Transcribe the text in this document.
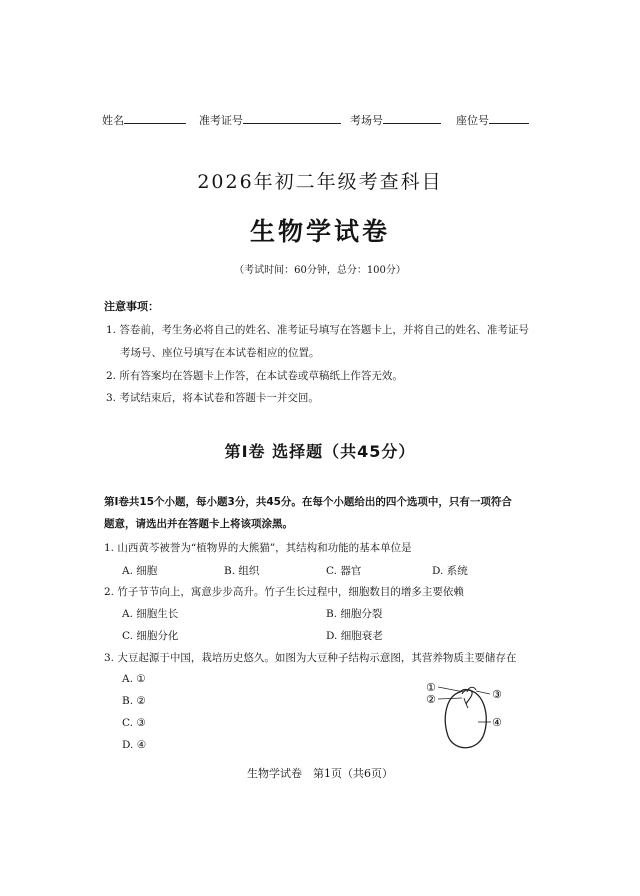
姓名	准考证号	考场号	座位号
2026年初二年级考查科目
生物学试卷
（考试时间：60分钟，总分：100分）
注意事项：
1. 答卷前，考生务必将自己的姓名、准考证号填写在答题卡上，并将自己的姓名、准考证号
考场号、座位号填写在本试卷相应的位置。
2. 所有答案均在答题卡上作答，在本试卷或草稿纸上作答无效。
3. 考试结束后，将本试卷和答题卡一并交回。
第Ⅰ卷 选择题（共45分）
第Ⅰ卷共15个小题，每小题3分，共45分。在每个小题给出的四个选项中，只有一项符合
题意，请选出并在答题卡上将该项涂黑。
1. 山西黄芩被誉为“植物界的大熊猫”，其结构和功能的基本单位是
A. 细胞	B. 组织	C. 器官	D. 系统
2. 竹子节节向上，寓意步步高升。竹子生长过程中，细胞数目的增多主要依赖
A. 细胞生长	B. 细胞分裂
C. 细胞分化	D. 细胞衰老
3. 大豆起源于中国，栽培历史悠久。如图为大豆种子结构示意图，其营养物质主要储存在
A. ①
B. ②
C. ③
D. ④
①
②	③
④
生物学试卷　第1页（共6页）
